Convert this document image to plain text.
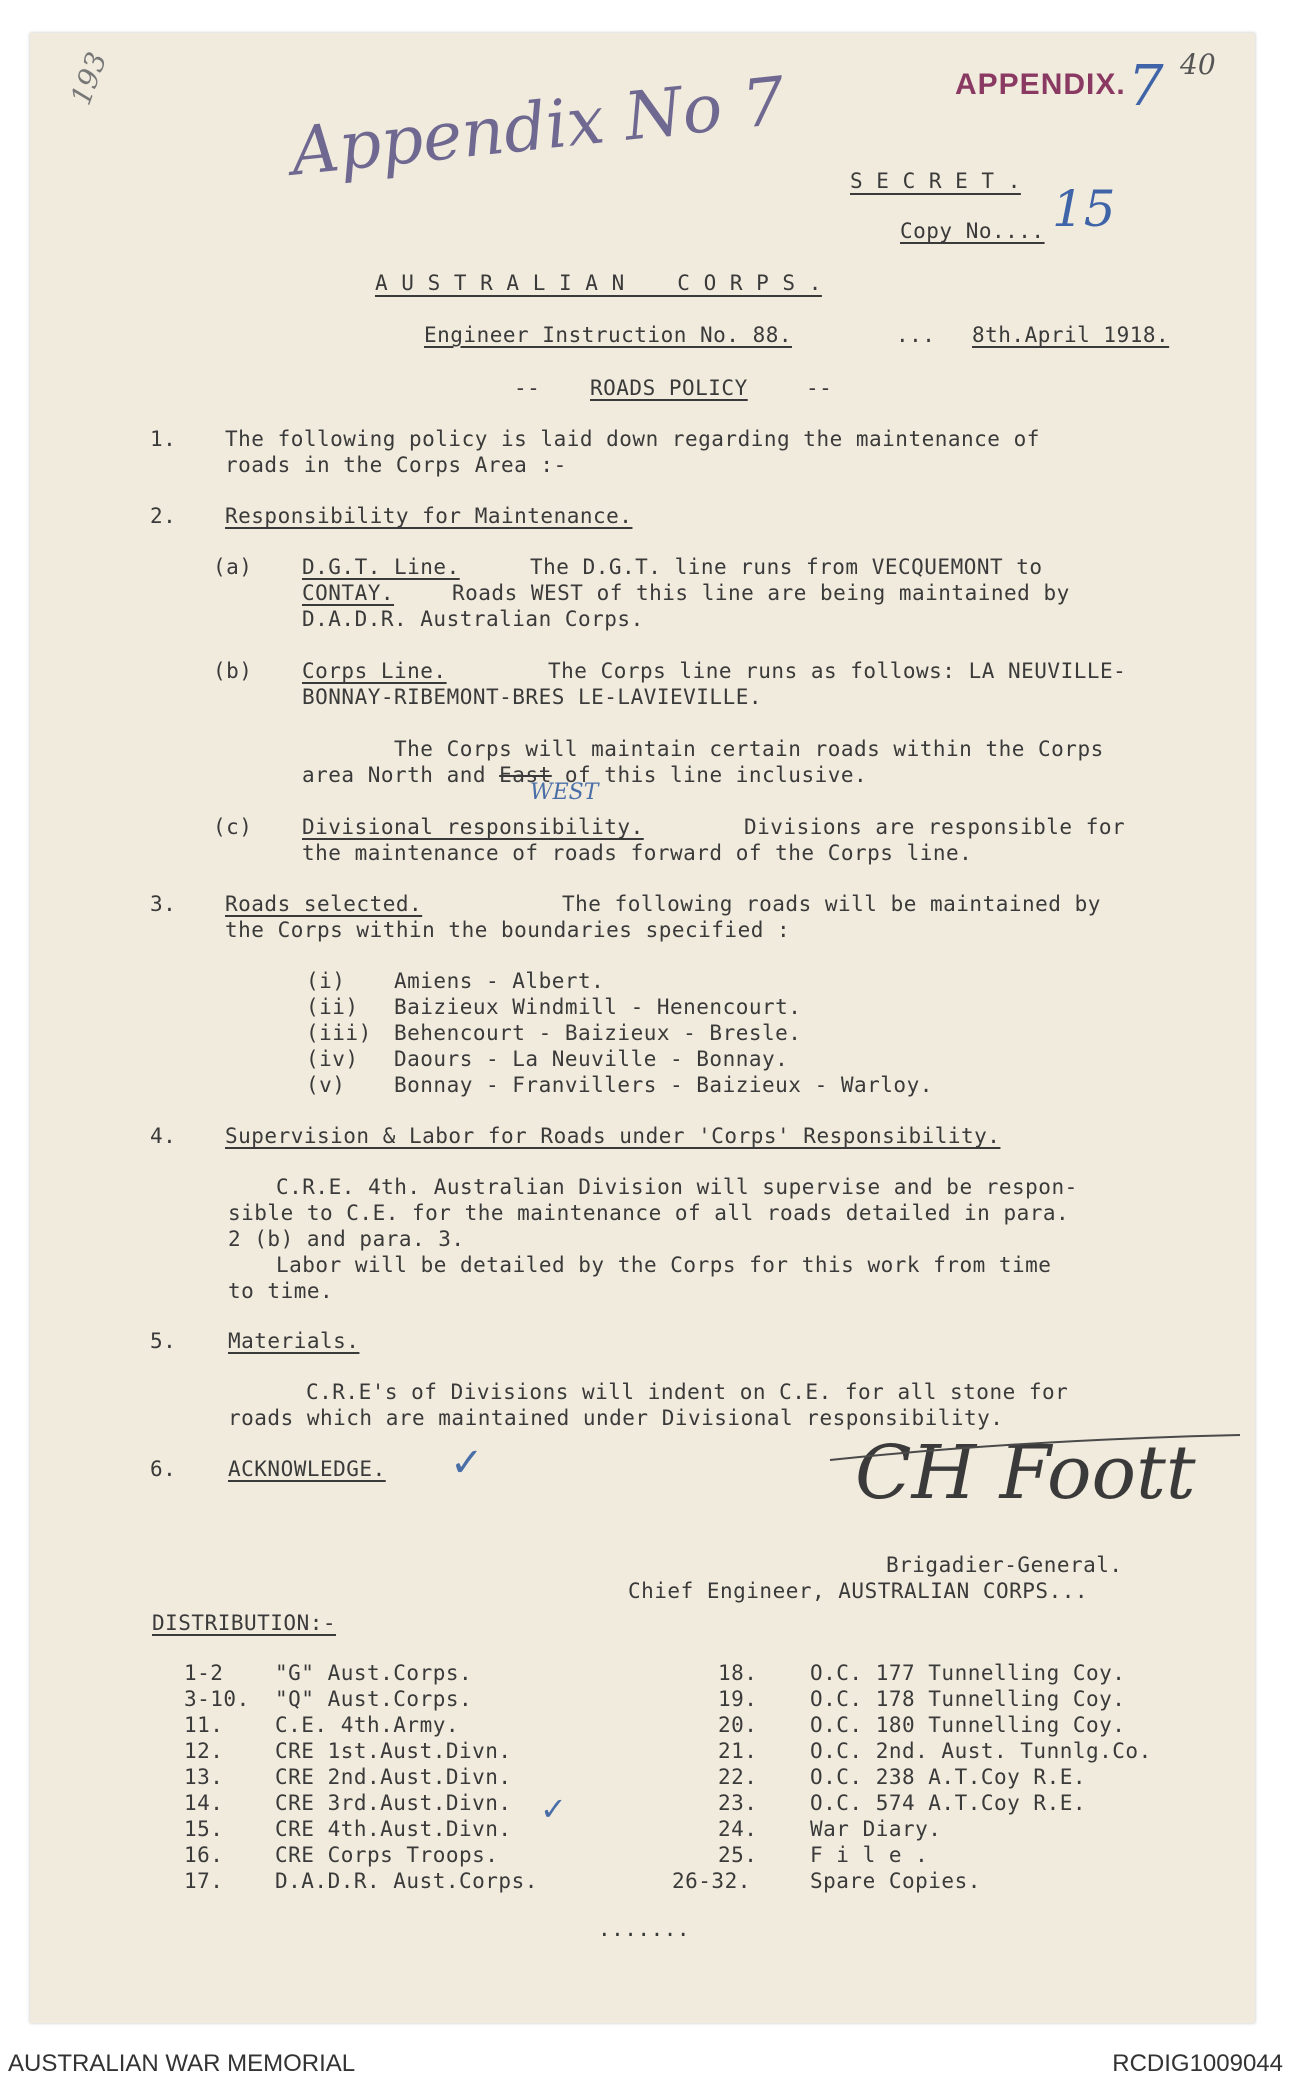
193	Appendix No 7	APPENDIX. 7 40
S E C R E T .
Copy No.... 15
A U S T R A L I A N    C O R P S .
Engineer Instruction No. 88.	... 8th.April 1918.
-- ROADS POLICY	--
1. The following policy is laid down regarding the maintenance of
roads in the Corps Area :-
2. Responsibility for Maintenance.
(a) D.G.T. Line.	The D.G.T. line runs from VECQUEMONT to
CONTAY.	Roads WEST of this line are being maintained by
D.A.D.R. Australian Corps.
(b) Corps Line.	The Corps line runs as follows: LA NEUVILLE-
BONNAY-RIBEMONT-BRES LE-LAVIEVILLE.
The Corps will maintain certain roads within the Corps
area North and East of this line inclusive.
WEST
(c) Divisional responsibility.	Divisions are responsible for
the maintenance of roads forward of the Corps line.
3. Roads selected.	The following roads will be maintained by
the Corps within the boundaries specified :
(i) Amiens - Albert.
(ii) Baizieux Windmill - Henencourt.
(iii) Behencourt - Baizieux - Bresle.
(iv) Daours - La Neuville - Bonnay.
(v) Bonnay - Franvillers - Baizieux - Warloy.
4. Supervision & Labor for Roads under 'Corps' Responsibility.
C.R.E. 4th. Australian Division will supervise and be respon-
sible to C.E. for the maintenance of all roads detailed in para.
2 (b) and para. 3.
Labor will be detailed by the Corps for this work from time
to time.
5. Materials.
C.R.E's of Divisions will indent on C.E. for all stone for
roads which are maintained under Divisional responsibility.
6. ACKNOWLEDGE. ✓	CH Foott
Brigadier-General.
Chief Engineer, AUSTRALIAN CORPS...
DISTRIBUTION:-
1-2 "G" Aust.Corps.
3-10. "Q" Aust.Corps.
11. C.E. 4th.Army.
12. CRE 1st.Aust.Divn.
13. CRE 2nd.Aust.Divn.
14. CRE 3rd.Aust.Divn.
15. CRE 4th.Aust.Divn.
✓
16. CRE Corps Troops.
17. D.A.D.R. Aust.Corps.
18.	O.C. 177 Tunnelling Coy.
19.	O.C. 178 Tunnelling Coy.
20.	O.C. 180 Tunnelling Coy.
21.	O.C. 2nd. Aust. Tunnlg.Co.
22.	O.C. 238 A.T.Coy R.E.
23.	O.C. 574 A.T.Coy R.E.
24.	War Diary.
25.	F i l e .
26-32.	Spare Copies.
.......
AUSTRALIAN WAR MEMORIAL	RCDIG1009044
